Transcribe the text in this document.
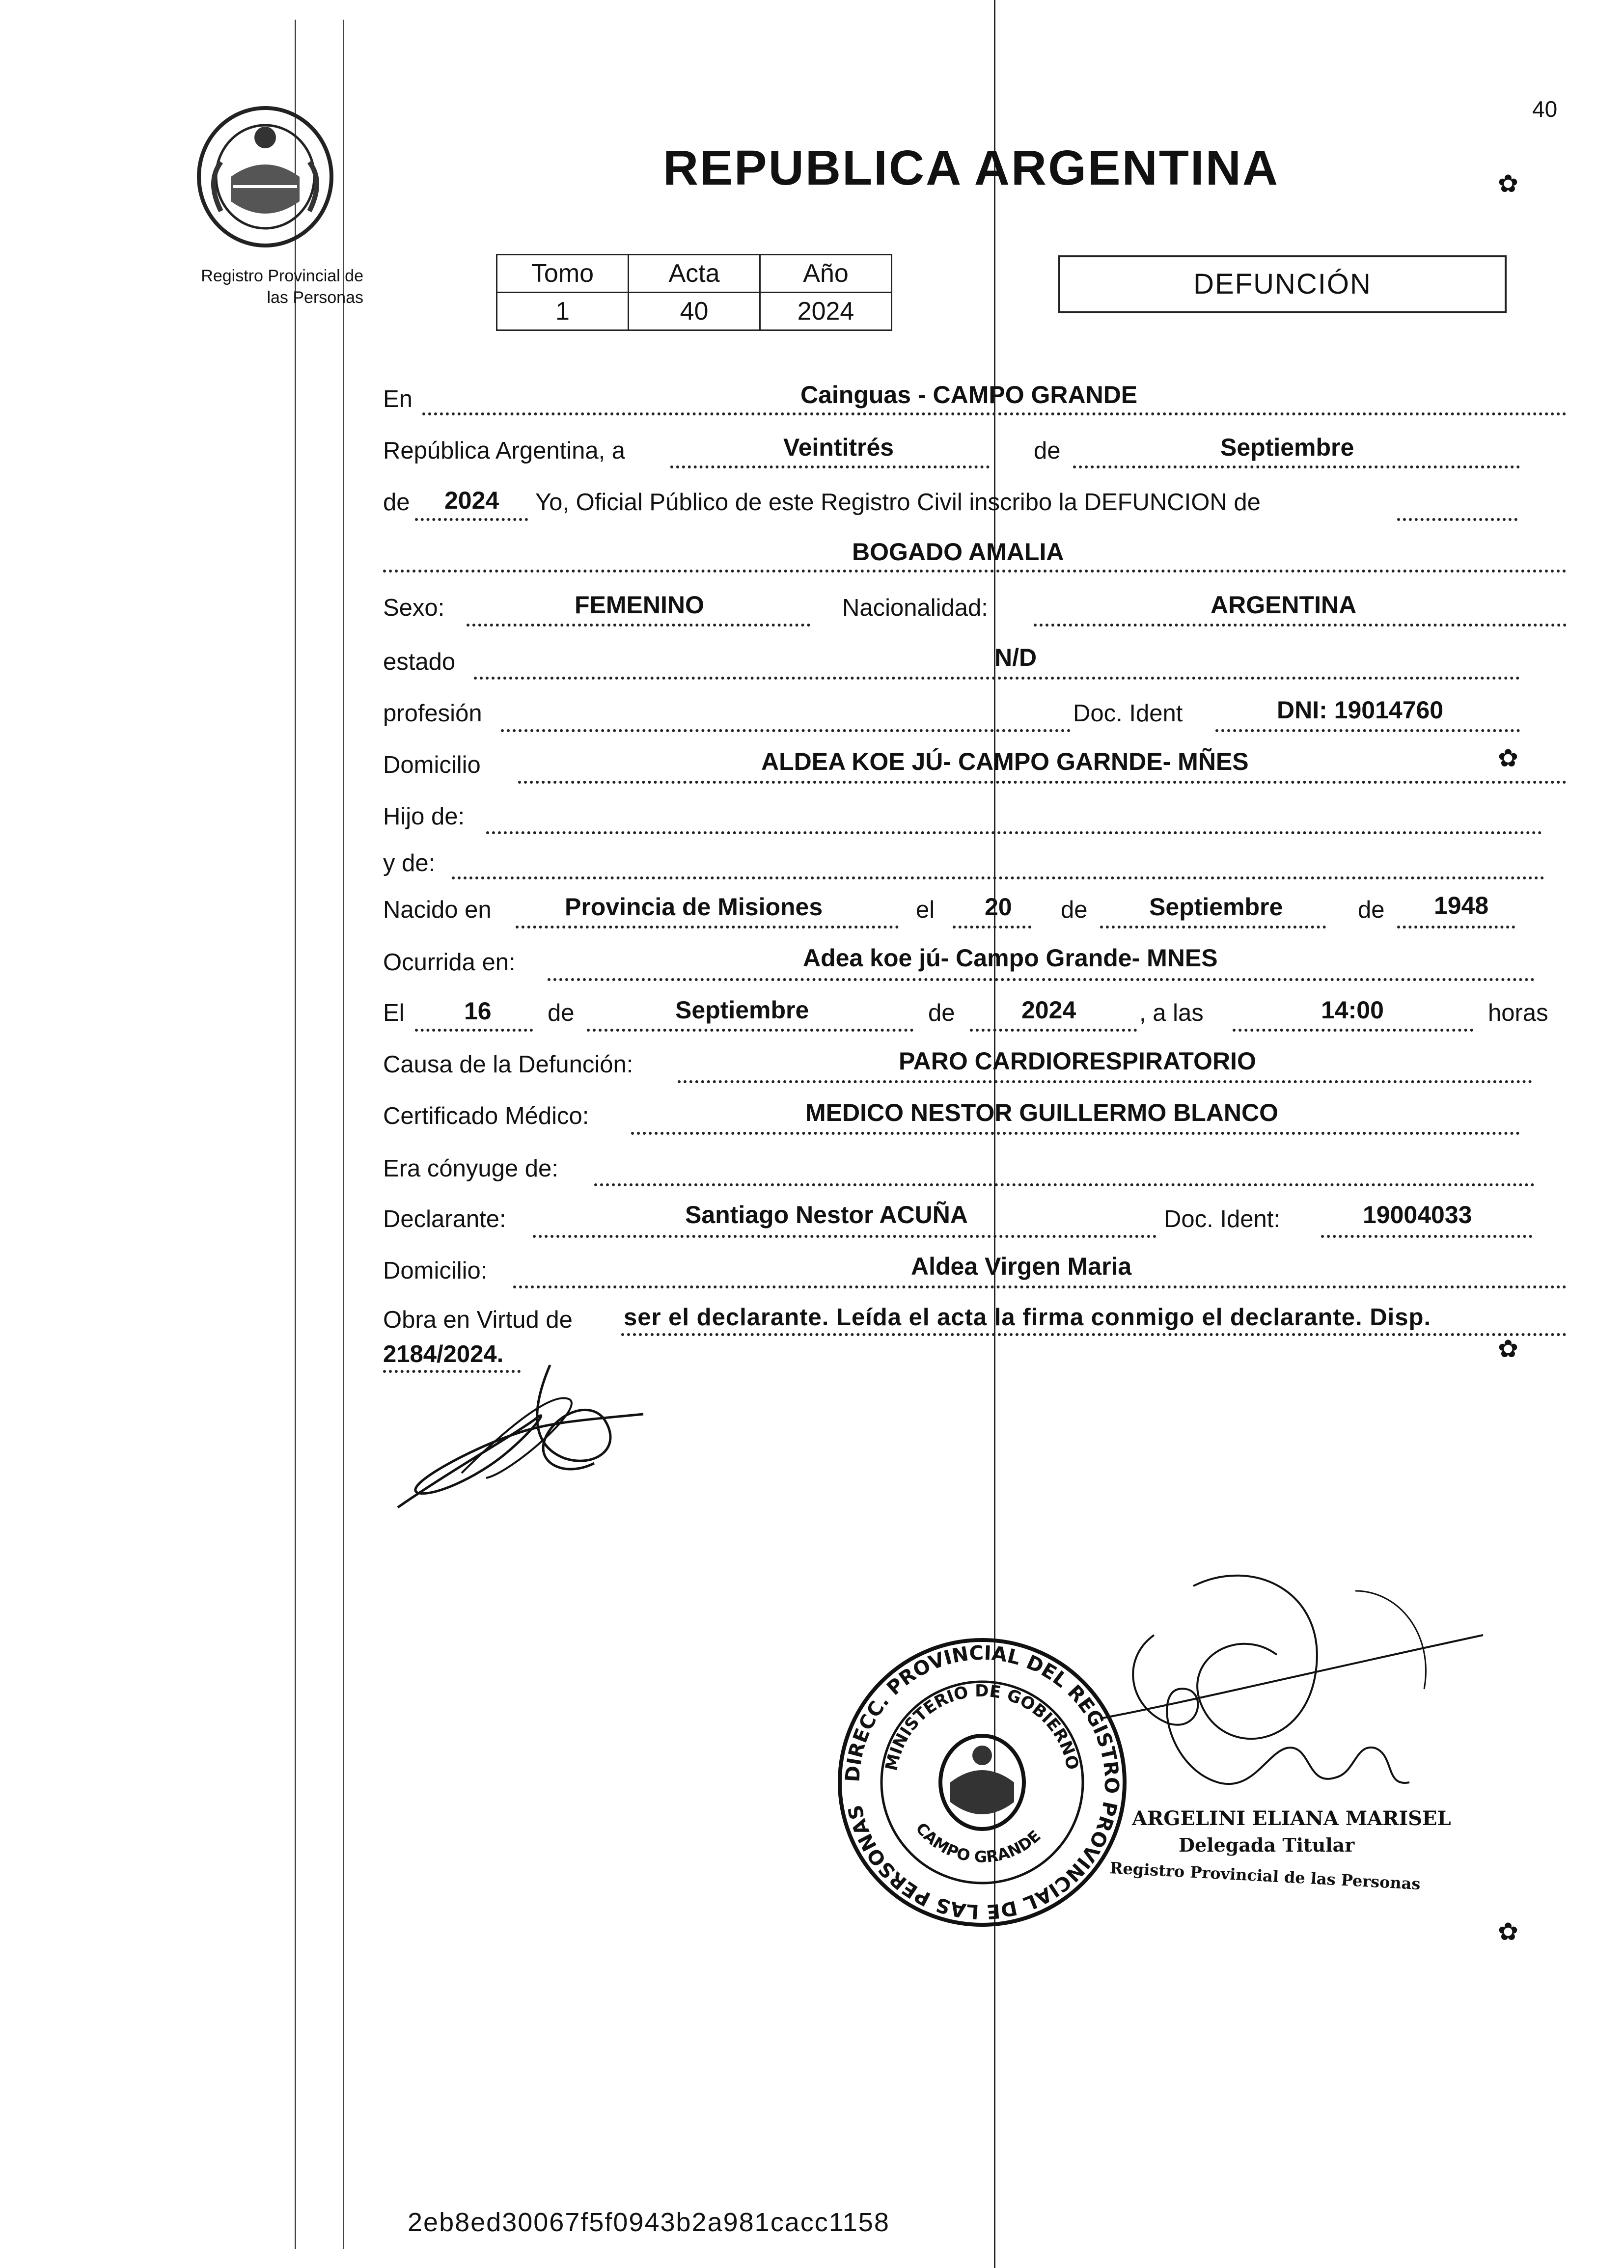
Registro Provincial de
las Personas
40
REPUBLICA ARGENTINA
Tomo	Acta	Año
1	40	2024
DEFUNCIÓN
En	Cainguas - CAMPO GRANDE
República Argentina, a	Veintitrés	de	Septiembre
de 2024 Yo, Oficial Público de este Registro Civil inscribo la DEFUNCION de
BOGADO AMALIA
Sexo:	FEMENINO	Nacionalidad:	ARGENTINA
estado	N/D
profesión	Doc. Ident	DNI: 19014760
Domicilio	ALDEA KOE JÚ- CAMPO GARNDE- MÑES
Hijo de:
y de:
Nacido en	Provincia de Misiones	el 20 de	Septiembre	de 1948
Ocurrida en:	Adea koe jú- Campo Grande- MNES
El 16 de	Septiembre	de	2024	, a las	14:00	horas
Causa de la Defunción:	PARO CARDIORESPIRATORIO
Certificado Médico:	MEDICO NESTOR GUILLERMO BLANCO
Era cónyuge de:
Declarante:	Santiago Nestor ACUÑA	Doc. Ident:	19004033
Domicilio:	Aldea Virgen Maria
Obra en Virtud de ser el declarante. Leída el acta la firma conmigo el declarante. Disp.
2184/2024.
DIRECC. PROVINCIAL DEL REGISTRO PROVINCIAL DE LAS PERSONAS
MINISTERIO DE GOBIERNO
CAMPO GRANDE
ARGELINI ELIANA MARISEL
Delegada Titular
Registro Provincial de las Personas
✿
✿
✿
✿
2eb8ed30067f5f0943b2a981cacc1158
